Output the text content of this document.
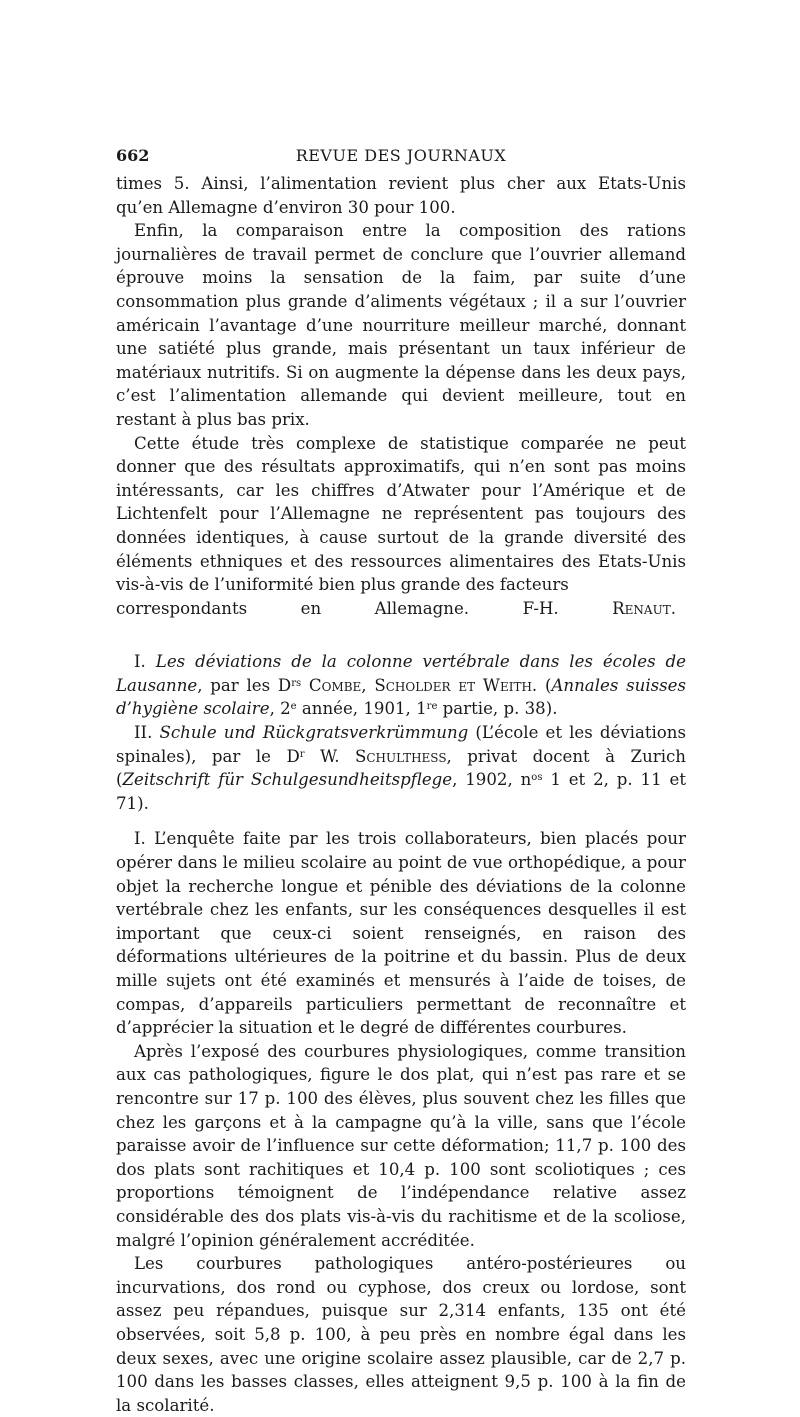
662	REVUE DES JOURNAUX

times 5. Ainsi, l’alimentation revient plus cher aux Etats-Unis qu’en Allemagne d’environ 30 pour 100.

Enfin, la comparaison entre la composition des rations journalières de travail permet de conclure que l’ouvrier allemand éprouve moins la sensation de la faim, par suite d’une consommation plus grande d’aliments végétaux ; il a sur l’ouvrier américain l’avantage d’une nourriture meilleur marché, donnant une satiété plus grande, mais présentant un taux inférieur de matériaux nutritifs. Si on augmente la dépense dans les deux pays, c’est l’alimentation allemande qui devient meilleure, tout en restant à plus bas prix.

Cette étude très complexe de statistique comparée ne peut donner que des résultats approximatifs, qui n’en sont pas moins intéressants, car les chiffres d’Atwater pour l’Amérique et de Lichtenfelt pour l’Allemagne ne représentent pas toujours des données identiques, à cause surtout de la grande diversité des éléments ethniques et des ressources alimentaires des Etats-Unis vis-à-vis de l’uniformité bien plus grande des facteurs

correspondants en Allemagne.	F-H. Renaut.

I. Les déviations de la colonne vertébrale dans les écoles de Lausanne, par les $D^{rs}$ Combe, Scholder et Weith. (Annales suisses d’hygiène scolaire, 2e année, 1901, 1re partie, p. 38).

II. Schule und Rückgratsverkrümmung (L’école et les déviations spinales), par le $D^r$ W. Schulthess, privat docent à Zurich (Zeitschrift für Schulgesundheitspflege, 1902, $n^{os}$ 1 et 2, p. 11 et 71).

I. L’enquête faite par les trois collaborateurs, bien placés pour opérer dans le milieu scolaire au point de vue orthopédique, a pour objet la recherche longue et pénible des déviations de la colonne vertébrale chez les enfants, sur les conséquences desquelles il est important que ceux-ci soient renseignés, en raison des déformations ultérieures de la poitrine et du bassin. Plus de deux mille sujets ont été examinés et mensurés à l’aide de toises, de compas, d’appareils particuliers permettant de reconnaître et d’apprécier la situation et le degré de différentes courbures.

Après l’exposé des courbures physiologiques, comme transition aux cas pathologiques, figure le dos plat, qui n’est pas rare et se rencontre sur 17 p. 100 des élèves, plus souvent chez les filles que chez les garçons et à la campagne qu’à la ville, sans que l’école paraisse avoir de l’influence sur cette déformation; 11,7 p. 100 des dos plats sont rachitiques et 10,4 p. 100 sont scoliotiques ; ces proportions témoignent de l’indépendance relative assez considérable des dos plats vis-à-vis du rachitisme et de la scoliose, malgré l’opinion généralement accréditée.

Les courbures pathologiques antéro-postérieures ou incurvations, dos rond ou cyphose, dos creux ou lordose, sont assez peu répandues, puisque sur 2,314 enfants, 135 ont été observées, soit 5,8 p. 100, à peu près en nombre égal dans les deux sexes, avec une origine scolaire assez plausible, car de 2,7 p. 100 dans les basses classes, elles atteignent 9,5 p. 100 à la fin de la scolarité.
